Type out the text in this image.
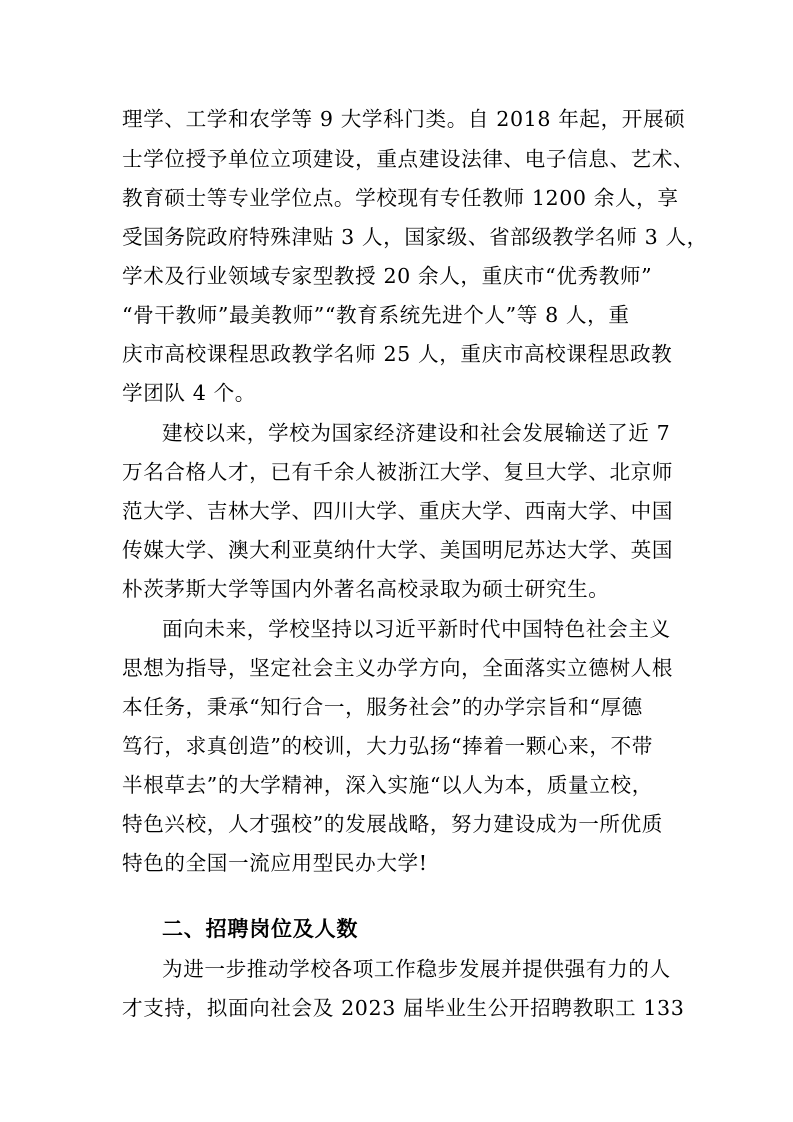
理学、工学和农学等 9 大学科门类。自 2018 年起，开展硕
士学位授予单位立项建设，重点建设法律、电子信息、艺术、
教育硕士等专业学位点。学校现有专任教师 1200 余人，享
受国务院政府特殊津贴 3 人，国家级、省部级教学名师 3 人，
学术及行业领域专家型教授 20 余人，重庆市“优秀教师”
“骨干教师”最美教师”“教育系统先进个人”等 8 人，重
庆市高校课程思政教学名师 25 人，重庆市高校课程思政教
学团队 4 个。
建校以来，学校为国家经济建设和社会发展输送了近 7
万名合格人才，已有千余人被浙江大学、复旦大学、北京师
范大学、吉林大学、四川大学、重庆大学、西南大学、中国
传媒大学、澳大利亚莫纳什大学、美国明尼苏达大学、英国
朴茨茅斯大学等国内外著名高校录取为硕士研究生。
面向未来，学校坚持以习近平新时代中国特色社会主义
思想为指导，坚定社会主义办学方向，全面落实立德树人根
本任务，秉承“知行合一，服务社会”的办学宗旨和“厚德
笃行，求真创造”的校训，大力弘扬“捧着一颗心来，不带
半根草去”的大学精神，深入实施“以人为本，质量立校，
特色兴校，人才强校”的发展战略，努力建设成为一所优质
特色的全国一流应用型民办大学!
二、招聘岗位及人数
为进一步推动学校各项工作稳步发展并提供强有力的人
才支持，拟面向社会及 2023 届毕业生公开招聘教职工 133
